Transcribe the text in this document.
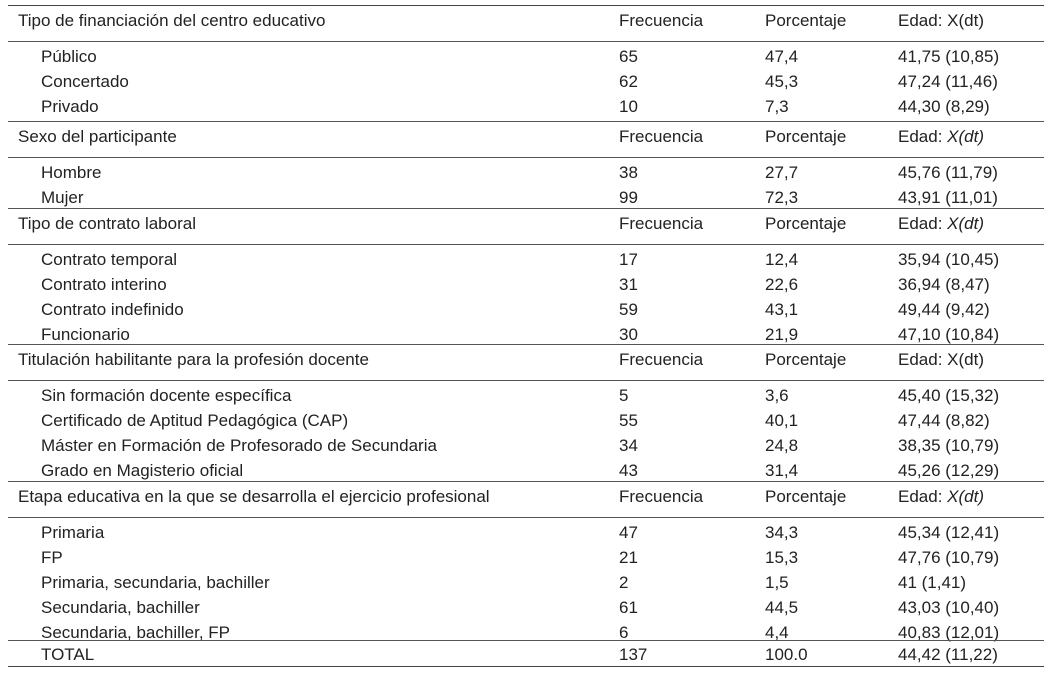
Tipo de financiación del centro educativo	Frecuencia	Porcentaje	Edad: X(dt)
Público	65	47,4	41,75 (10,85)
Concertado	62	45,3	47,24 (11,46)
Privado	10	7,3	44,30 (8,29)
Sexo del participante	Frecuencia	Porcentaje	Edad: X(dt)
Hombre	38	27,7	45,76 (11,79)
Mujer	99	72,3	43,91 (11,01)
Tipo de contrato laboral	Frecuencia	Porcentaje	Edad: X(dt)
Contrato temporal	17	12,4	35,94 (10,45)
Contrato interino	31	22,6	36,94 (8,47)
Contrato indefinido	59	43,1	49,44 (9,42)
Funcionario	30	21,9	47,10 (10,84)
Titulación habilitante para la profesión docente	Frecuencia	Porcentaje	Edad: X(dt)
Sin formación docente específica	5	3,6	45,40 (15,32)
Certificado de Aptitud Pedagógica (CAP)	55	40,1	47,44 (8,82)
Máster en Formación de Profesorado de Secundaria	34	24,8	38,35 (10,79)
Grado en Magisterio oficial	43	31,4	45,26 (12,29)
Etapa educativa en la que se desarrolla el ejercicio profesional	Frecuencia	Porcentaje	Edad: X(dt)
Primaria	47	34,3	45,34 (12,41)
FP	21	15,3	47,76 (10,79)
Primaria, secundaria, bachiller	2	1,5	41 (1,41)
Secundaria, bachiller	61	44,5	43,03 (10,40)
Secundaria, bachiller, FP	6	4,4	40,83 (12,01)
TOTAL	137	100.0	44,42 (11,22)
